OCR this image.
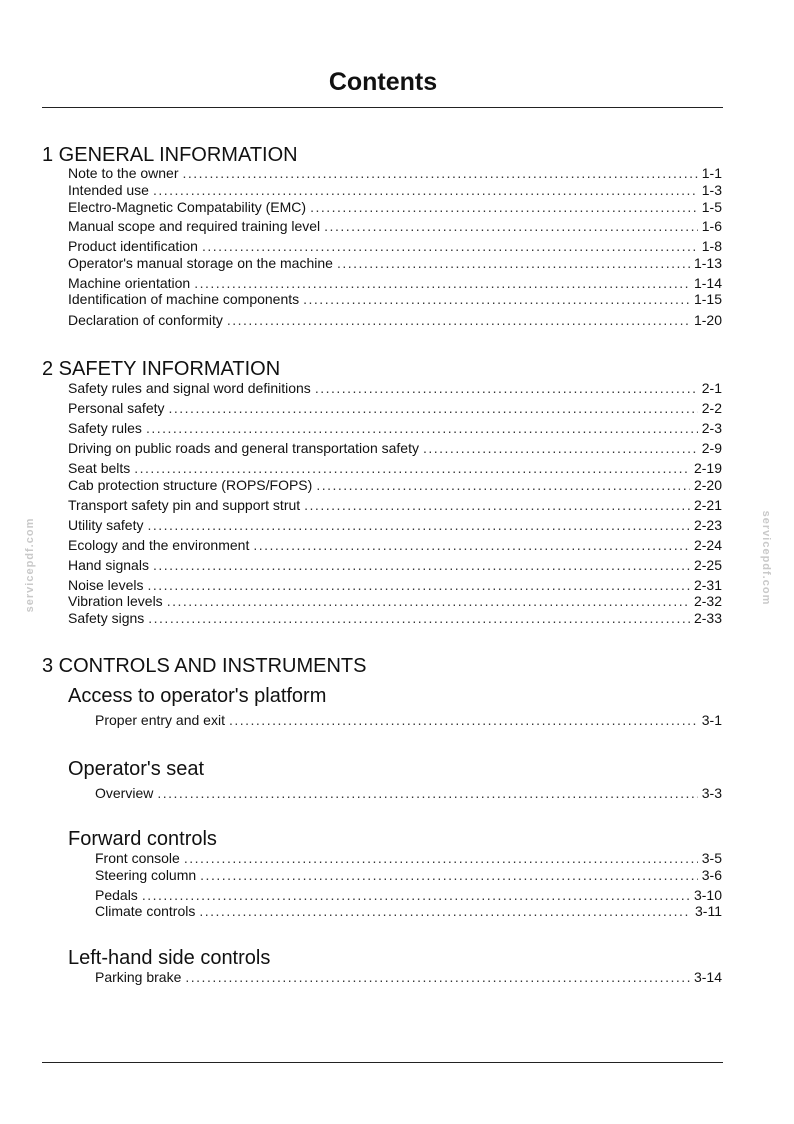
Contents
1 GENERAL INFORMATION
Note to the owner .....	1-1
Intended use .....	1-3
Electro-Magnetic Compatability (EMC) .....	1-5
Manual scope and required training level .....	1-6
Product identification .....	1-8
Operator's manual storage on the machine .....	1-13
Machine orientation .....	1-14
Identification of machine components .....	1-15
Declaration of conformity .....	1-20
2 SAFETY INFORMATION
Safety rules and signal word definitions .....	2-1
Personal safety .....	2-2
Safety rules .....	2-3
Driving on public roads and general transportation safety .....	2-9
Seat belts .....	2-19
Cab protection structure (ROPS/FOPS) .....	2-20
Transport safety pin and support strut .....	2-21
Utility safety .....	2-23
Ecology and the environment .....	2-24
Hand signals .....	2-25
Noise levels .....	2-31
Vibration levels .....	2-32
Safety signs .....	2-33
3 CONTROLS AND INSTRUMENTS
Access to operator's platform
Proper entry and exit .....	3-1
Operator's seat
Overview .....	3-3
Forward controls
Front console .....	3-5
Steering column .....	3-6
Pedals .....	3-10
Climate controls .....	3-11
Left-hand side controls
Parking brake .....	3-14
servicepdf.com	servicepdf.com
